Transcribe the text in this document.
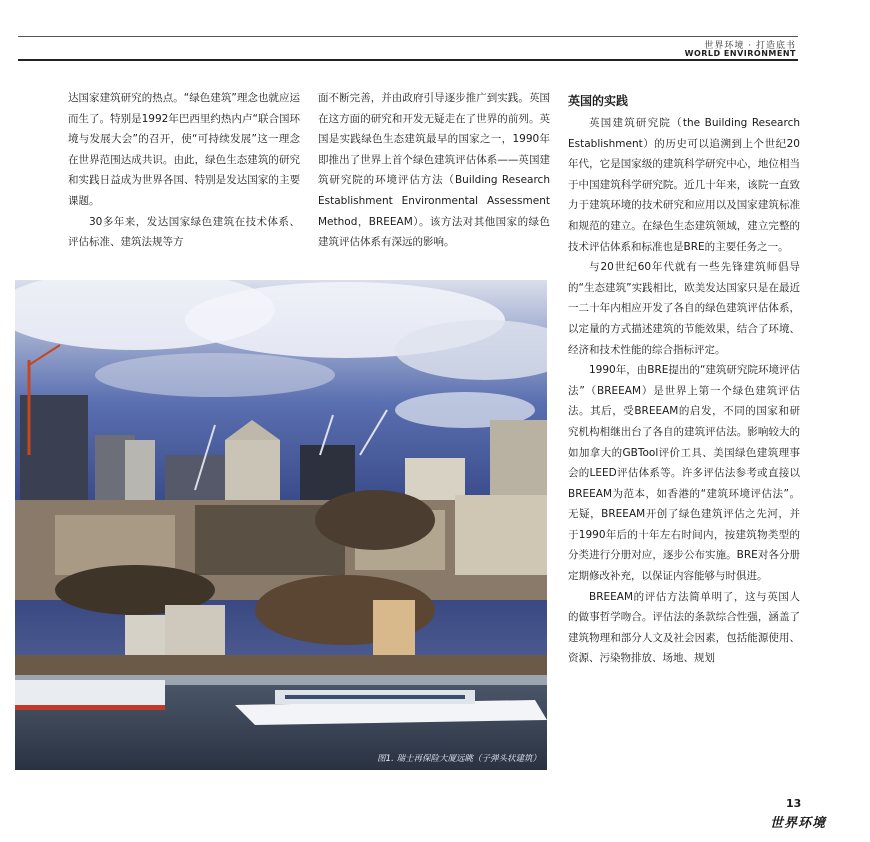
世界环境 · 打造底书
WORLD ENVIRONMENT

达国家建筑研究的热点。“绿色建筑”理念也就应运而生了。特别是1992年巴西里约热内卢“联合国环境与发展大会”的召开，使“可持续发展”这一理念在世界范围达成共识。由此，绿色生态建筑的研究和实践日益成为世界各国、特别是发达国家的主要课题。

30多年来，发达国家绿色建筑在技术体系、评估标准、建筑法规等方

面不断完善，并由政府引导逐步推广到实践。英国在这方面的研究和开发无疑走在了世界的前列。英国是实践绿色生态建筑最早的国家之一，1990年即推出了世界上首个绿色建筑评估体系——英国建筑研究院的环境评估方法（Building Research Establishment Environmental Assessment Method，BREEAM）。该方法对其他国家的绿色建筑评估体系有深远的影响。

英国的实践

英国建筑研究院（the Building Research Establishment）的历史可以追溯到上个世纪20年代，它是国家级的建筑科学研究中心，地位相当于中国建筑科学研究院。近几十年来，该院一直致力于建筑环境的技术研究和应用以及国家建筑标准和规范的建立。在绿色生态建筑领域，建立完整的技术评估体系和标准也是BRE的主要任务之一。

与20世纪60年代就有一些先锋建筑师倡导的“生态建筑”实践相比，欧美发达国家只是在最近一二十年内相应开发了各自的绿色建筑评估体系，以定量的方式描述建筑的节能效果，结合了环境、经济和技术性能的综合指标评定。

1990年，由BRE提出的“建筑研究院环境评估法”（BREEAM）是世界上第一个绿色建筑评估法。其后，受BREEAM的启发，不同的国家和研究机构相继出台了各自的建筑评估法。影响较大的如加拿大的GBTool评价工具、美国绿色建筑理事会的LEED评估体系等。许多评估法参考或直接以BREEAM为范本，如香港的“建筑环境评估法”。无疑，BREEAM开创了绿色建筑评估之先河，并于1990年后的十年左右时间内，按建筑物类型的分类进行分册对应，逐步公布实施。BRE对各分册定期修改补充，以保证内容能够与时俱进。

BREEAM的评估方法简单明了，这与英国人的做事哲学吻合。评估法的条款综合性强，涵盖了建筑物理和部分人文及社会因素，包括能源使用、资源、污染物排放、场地、规划

图1. 瑞士再保险大厦远眺（子弹头状建筑）
13
世界环境
